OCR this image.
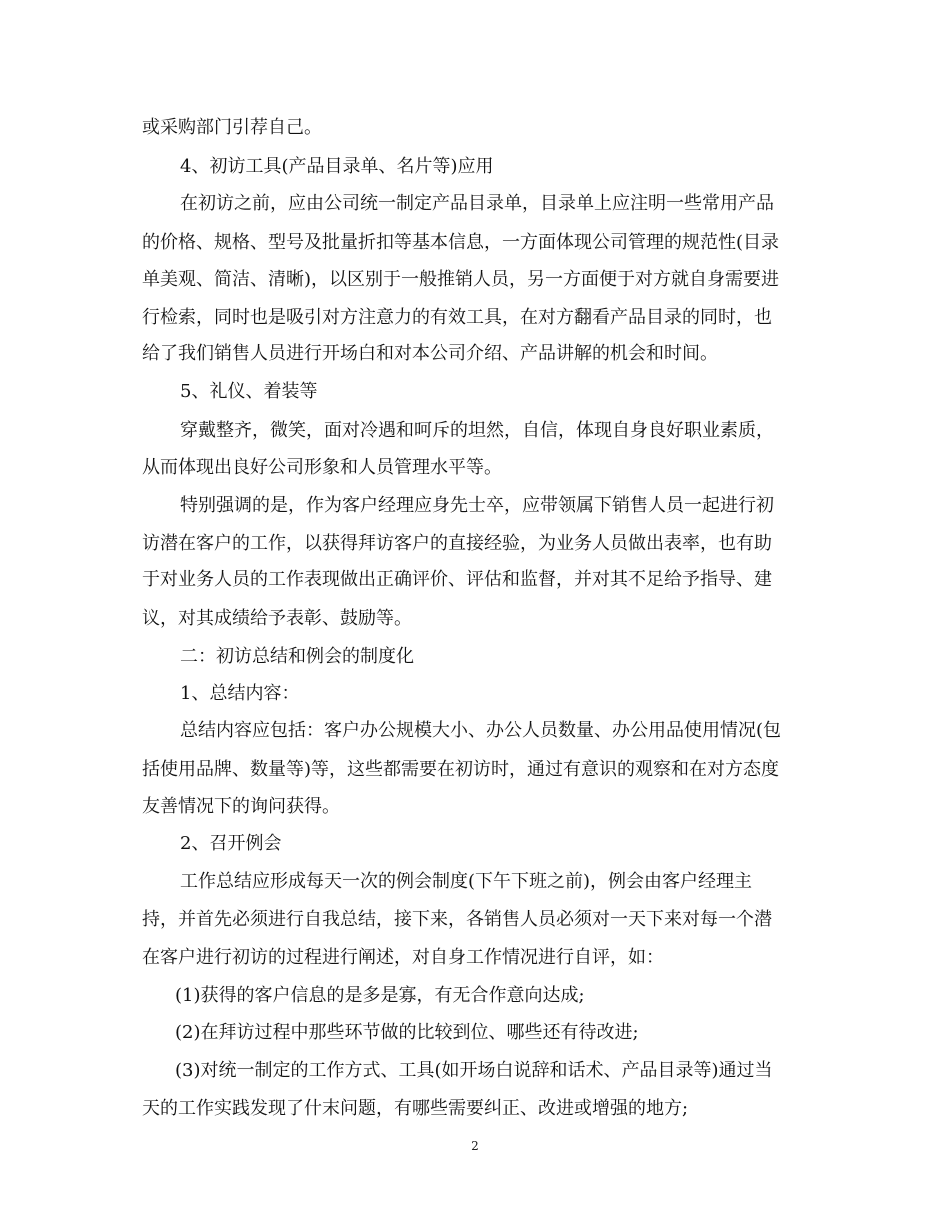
或采购部门引荐自己。
4、初访工具(产品目录单、名片等)应用
在初访之前，应由公司统一制定产品目录单，目录单上应注明一些常用产品
的价格、规格、型号及批量折扣等基本信息，一方面体现公司管理的规范性(目录
单美观、简洁、清晰)，以区别于一般推销人员，另一方面便于对方就自身需要进
行检索，同时也是吸引对方注意力的有效工具，在对方翻看产品目录的同时，也
给了我们销售人员进行开场白和对本公司介绍、产品讲解的机会和时间。
5、礼仪、着装等
穿戴整齐，微笑，面对冷遇和呵斥的坦然，自信，体现自身良好职业素质，
从而体现出良好公司形象和人员管理水平等。
特别强调的是，作为客户经理应身先士卒，应带领属下销售人员一起进行初
访潜在客户的工作，以获得拜访客户的直接经验，为业务人员做出表率，也有助
于对业务人员的工作表现做出正确评价、评估和监督，并对其不足给予指导、建
议，对其成绩给予表彰、鼓励等。
二：初访总结和例会的制度化
1、总结内容：
总结内容应包括：客户办公规模大小、办公人员数量、办公用品使用情况(包
括使用品牌、数量等)等，这些都需要在初访时，通过有意识的观察和在对方态度
友善情况下的询问获得。
2、召开例会
工作总结应形成每天一次的例会制度(下午下班之前)，例会由客户经理主
持，并首先必须进行自我总结，接下来，各销售人员必须对一天下来对每一个潜
在客户进行初访的过程进行阐述，对自身工作情况进行自评，如：
(1)获得的客户信息的是多是寡，有无合作意向达成;
(2)在拜访过程中那些环节做的比较到位、哪些还有待改进;
(3)对统一制定的工作方式、工具(如开场白说辞和话术、产品目录等)通过当
天的工作实践发现了什末问题，有哪些需要纠正、改进或增强的地方;
2
